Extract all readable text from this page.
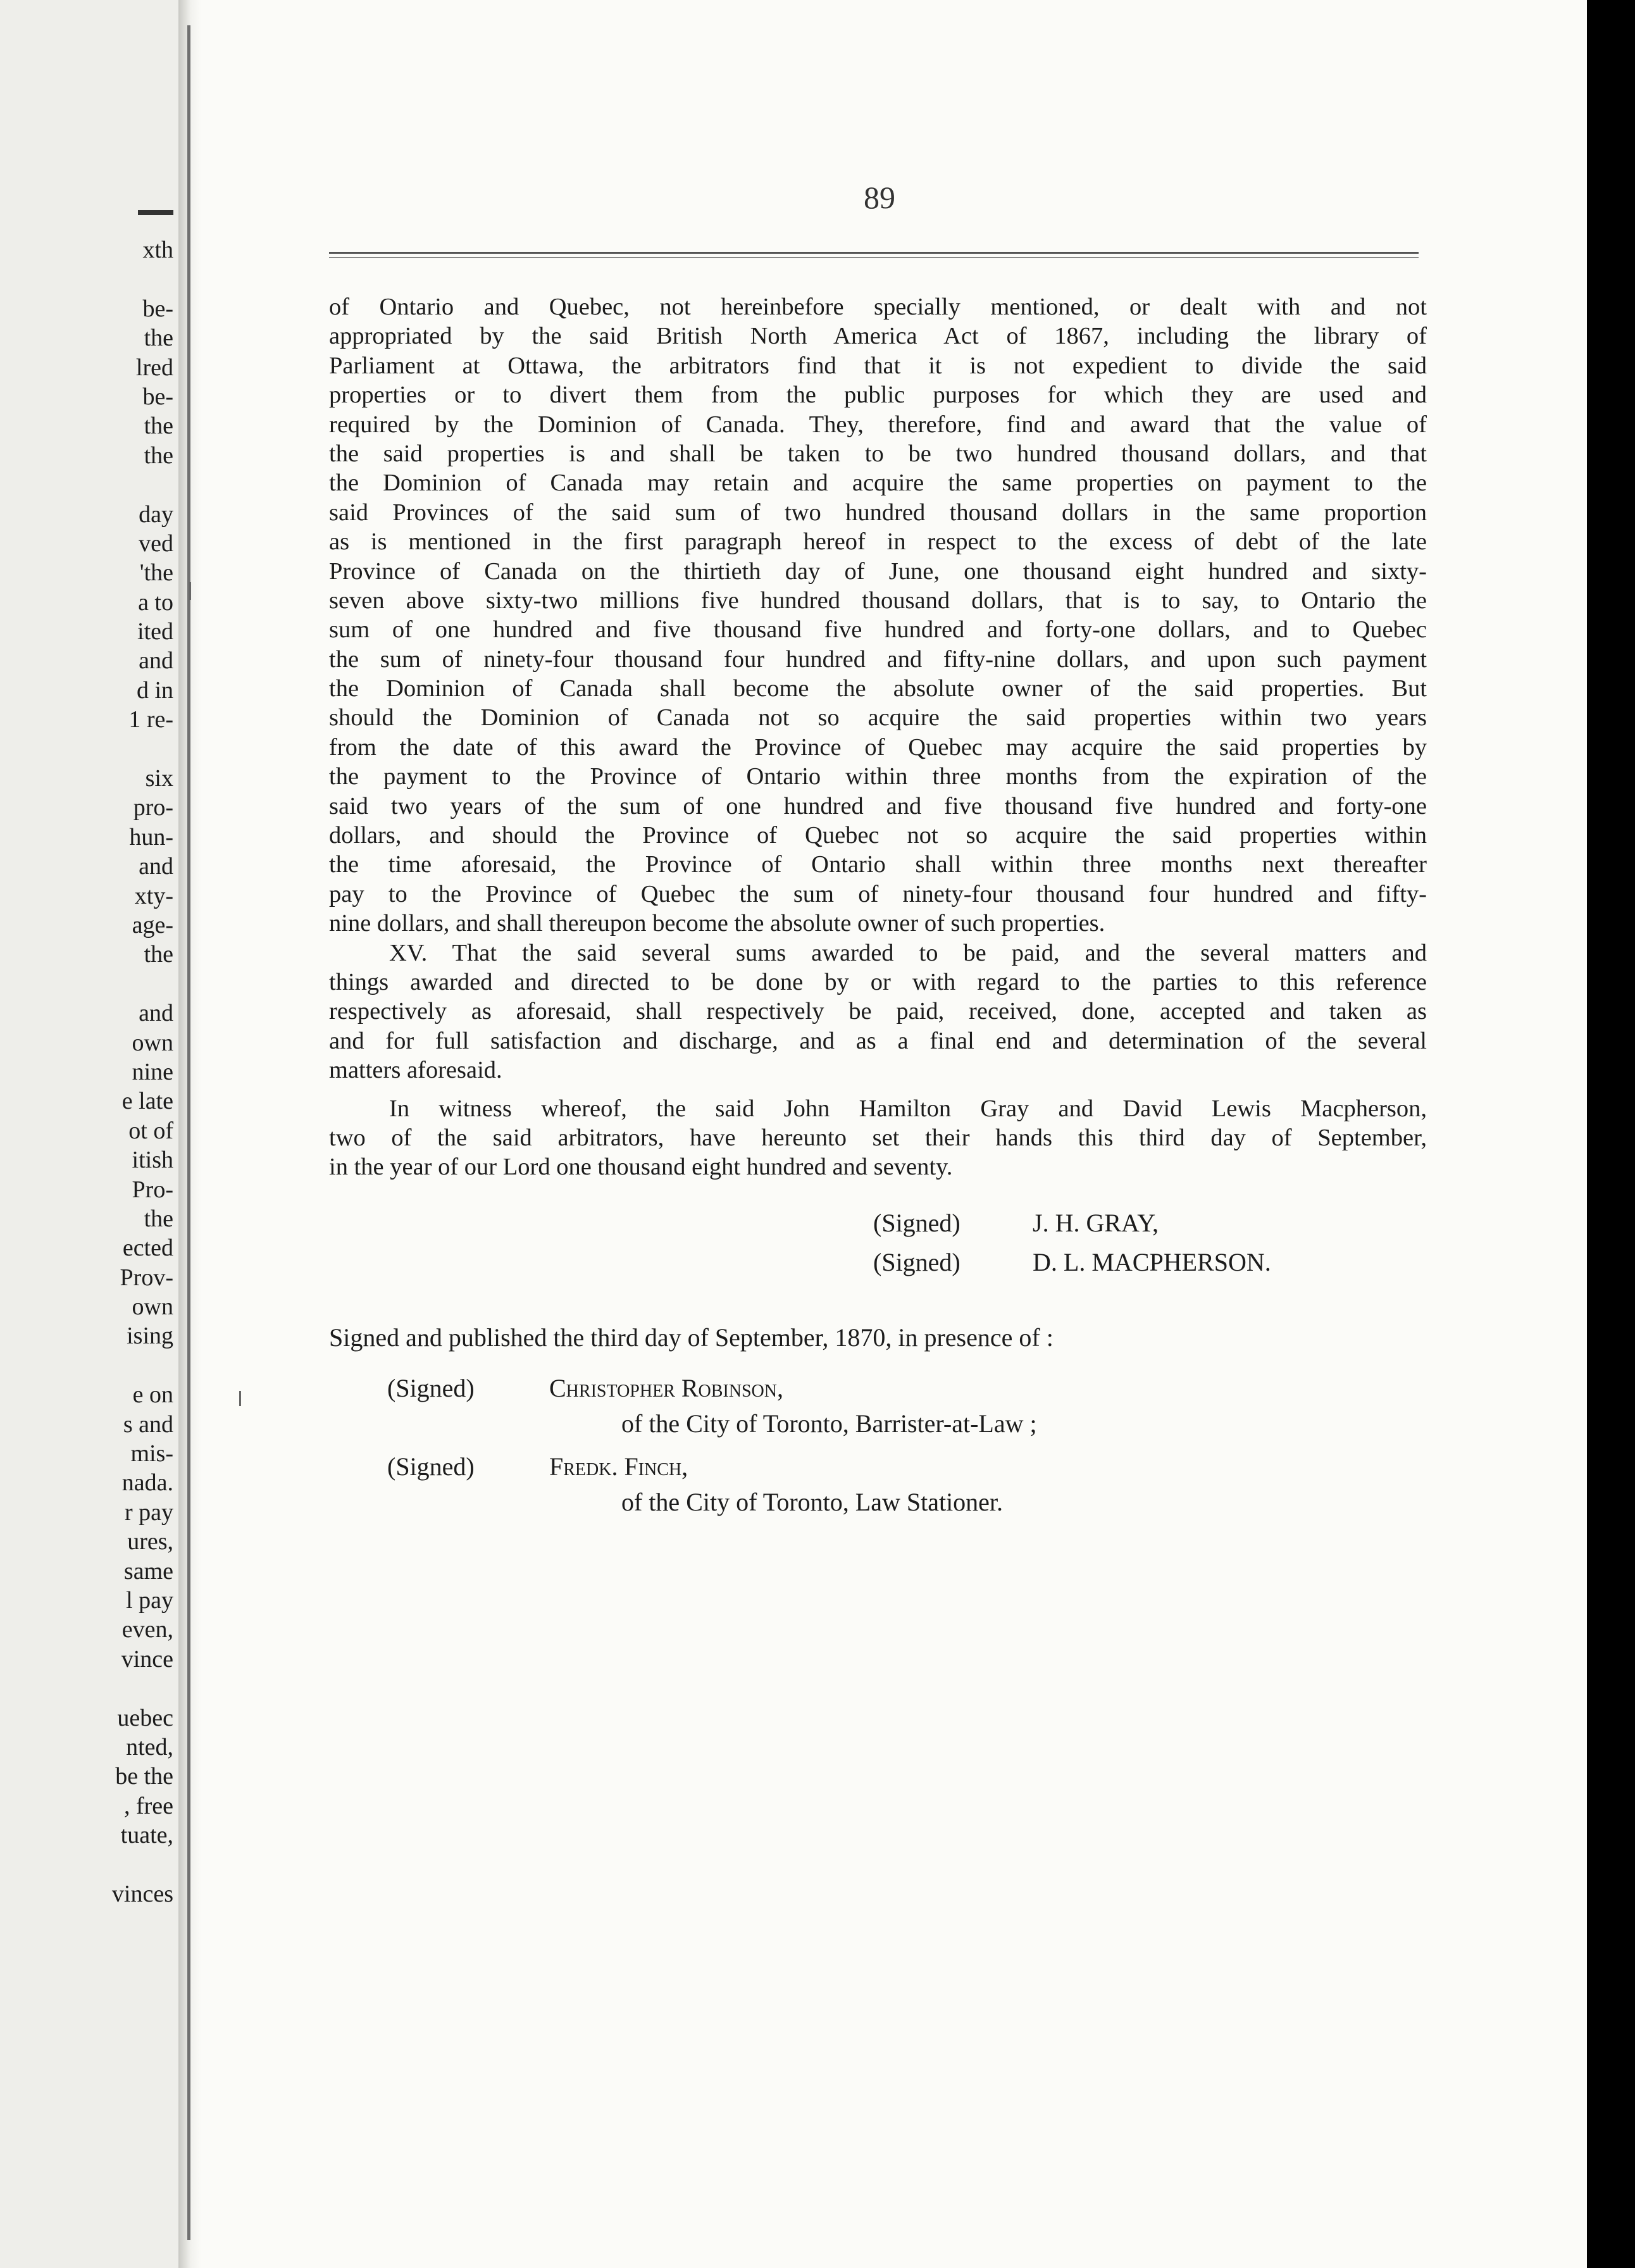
xth
be-
the
lred
be-
the
the
day
ved
'the
a to
ited
and
d in
1 re-
six
pro-
hun-
and
xty-
age-
the
and
own
nine
e late
ot of
itish
Pro-
the
ected
Prov-
own
ising
e on
s and
mis-
nada.
r pay
ures,
same
l pay
even,
vince
uebec
nted,
be the
, free
tuate,
vinces
89
of Ontario and Quebec, not hereinbefore specially mentioned, or dealt with and not
appropriated by the said British North America Act of 1867, including the library of
Parliament at Ottawa, the arbitrators find that it is not expedient to divide the said
properties or to divert them from the public purposes for which they are used and
required by the Dominion of Canada. They, therefore, find and award that the value of
the said properties is and shall be taken to be two hundred thousand dollars, and that
the Dominion of Canada may retain and acquire the same properties on payment to the
said Provinces of the said sum of two hundred thousand dollars in the same proportion
as is mentioned in the first paragraph hereof in respect to the excess of debt of the late
Province of Canada on the thirtieth day of June, one thousand eight hundred and sixty-
seven above sixty-two millions five hundred thousand dollars, that is to say, to Ontario the
sum of one hundred and five thousand five hundred and forty-one dollars, and to Quebec
the sum of ninety-four thousand four hundred and fifty-nine dollars, and upon such payment
the Dominion of Canada shall become the absolute owner of the said properties. But
should the Dominion of Canada not so acquire the said properties within two years
from the date of this award the Province of Quebec may acquire the said properties by
the payment to the Province of Ontario within three months from the expiration of the
said two years of the sum of one hundred and five thousand five hundred and forty-one
dollars, and should the Province of Quebec not so acquire the said properties within
the time aforesaid, the Province of Ontario shall within three months next thereafter
pay to the Province of Quebec the sum of ninety-four thousand four hundred and fifty-
nine dollars, and shall thereupon become the absolute owner of such properties.
XV. That the said several sums awarded to be paid, and the several matters and
things awarded and directed to be done by or with regard to the parties to this reference
respectively as aforesaid, shall respectively be paid, received, done, accepted and taken as
and for full satisfaction and discharge, and as a final end and determination of the several
matters aforesaid.
In witness whereof, the said John Hamilton Gray and David Lewis Macpherson,
two of the said arbitrators, have hereunto set their hands this third day of September,
in the year of our Lord one thousand eight hundred and seventy.
(Signed)	J. H. GRAY,
(Signed)	D. L. MACPHERSON.
Signed and published the third day of September, 1870, in presence of :
(Signed)	Christopher Robinson,
of the City of Toronto, Barrister-at-Law ;
(Signed)	Fredk. Finch,
of the City of Toronto, Law Stationer.
